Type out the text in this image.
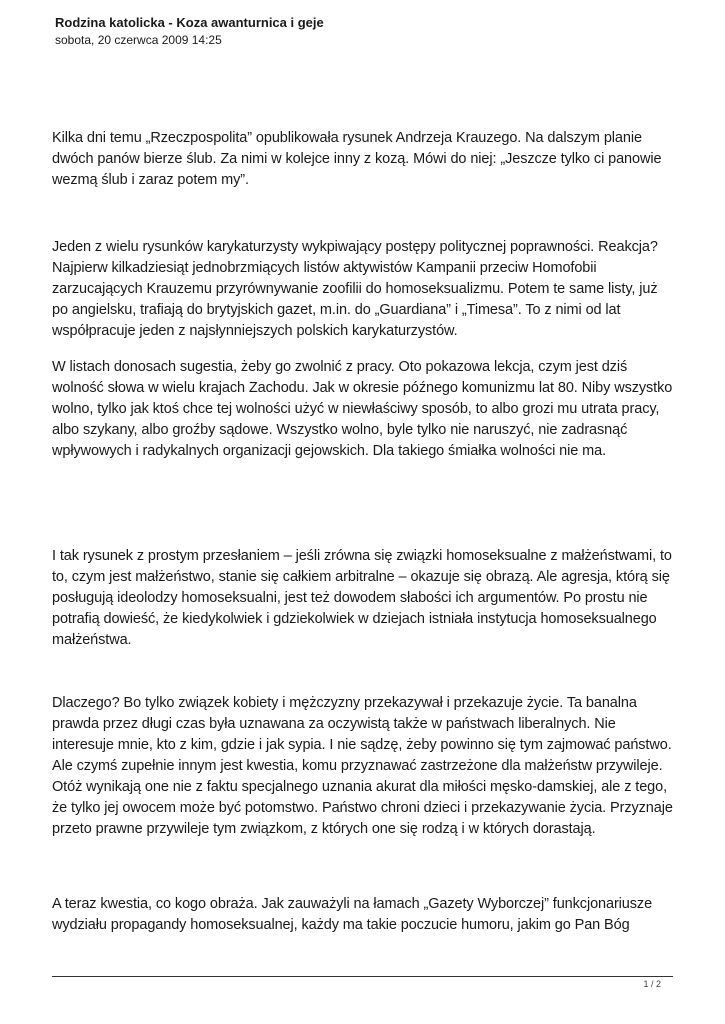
Rodzina katolicka - Koza awanturnica i geje

sobota, 20 czerwca 2009 14:25

Kilka dni temu „Rzeczpospolita” opublikowała rysunek Andrzeja Krauzego. Na dalszym planie dwóch panów bierze ślub. Za nimi w kolejce inny z kozą. Mówi do niej: „Jeszcze tylko ci panowie wezmą ślub i zaraz potem my”.

Jeden z wielu rysunków karykaturzysty wykpiwający postępy politycznej poprawności. Reakcja? Najpierw kilkadziesiąt jednobrzmiących listów aktywistów Kampanii przeciw Homofobii zarzucających Krauzemu przyrównywanie zoofilii do homoseksualizmu. Potem te same listy, już po angielsku, trafiają do brytyjskich gazet, m.in. do „Guardiana” i „Timesa”. To z nimi od lat współpracuje jeden z najsłynniejszych polskich karykaturzystów.

W listach donosach sugestia, żeby go zwolnić z pracy. Oto pokazowa lekcja, czym jest dziś wolność słowa w wielu krajach Zachodu. Jak w okresie późnego komunizmu lat 80. Niby wszystko wolno, tylko jak ktoś chce tej wolności użyć w niewłaściwy sposób, to albo grozi mu utrata pracy, albo szykany, albo groźby sądowe. Wszystko wolno, byle tylko nie naruszyć, nie zadrasnąć wpływowych i radykalnych organizacji gejowskich. Dla takiego śmiałka wolności nie ma.

I tak rysunek z prostym przesłaniem – jeśli zrówna się związki homoseksualne z małżeństwami, to to, czym jest małżeństwo, stanie się całkiem arbitralne – okazuje się obrazą. Ale agresja, którą się posługują ideolodzy homoseksualni, jest też dowodem słabości ich argumentów. Po prostu nie potrafią dowieść, że kiedykolwiek i gdziekolwiek w dziejach istniała instytucja homoseksualnego małżeństwa.

Dlaczego? Bo tylko związek kobiety i mężczyzny przekazywał i przekazuje życie. Ta banalna prawda przez długi czas była uznawana za oczywistą także w państwach liberalnych. Nie interesuje mnie, kto z kim, gdzie i jak sypia. I nie sądzę, żeby powinno się tym zajmować państwo. Ale czymś zupełnie innym jest kwestia, komu przyznawać zastrzeżone dla małżeństw przywileje. Otóż wynikają one nie z faktu specjalnego uznania akurat dla miłości męsko-damskiej, ale z tego, że tylko jej owocem może być potomstwo. Państwo chroni dzieci i przekazywanie życia. Przyznaje przeto prawne przywileje tym związkom, z których one się rodzą i w których dorastają.

A teraz kwestia, co kogo obraża. Jak zauważyli na łamach „Gazety Wyborczej” funkcjonariusze wydziału propagandy homoseksualnej, każdy ma takie poczucie humoru, jakim go Pan Bóg

1 / 2
